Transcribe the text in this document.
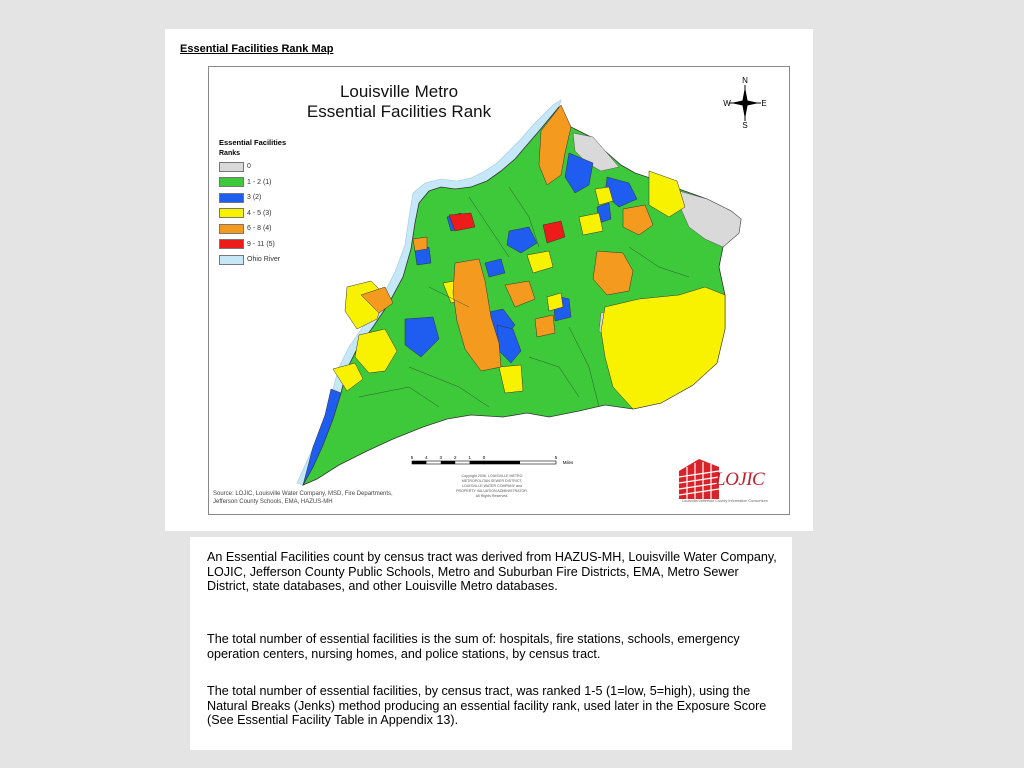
Essential Facilities Rank Map
Louisville Metro
Essential Facilities Rank
N
S
W	E
Essential Facilities
Ranks
0
1 - 2 (1)
3 (2)
4 - 5 (3)
6 - 8 (4)
9 - 11 (5)
Ohio River
5	4	3	2	1	0	5
Miles
Copyright 2006, LOUISVILLE METRO
METROPOLITAN SEWER DISTRICT,
LOUISVILLE WATER COMPANY and
PROPERTY VALUATION ADMINISTRATOR.
All Rights Reserved.
Source: LOJIC, Louisville Water Company, MSD, Fire Departments,
Jefferson County Schools, EMA, HAZUS-MH
LOJIC
Louisville/Jefferson County Information Consortium

An Essential Facilities count by census tract was derived from HAZUS-MH, Louisville Water Company, LOJIC, Jefferson County Public Schools, Metro and Suburban Fire Districts, EMA, Metro Sewer District, state databases, and other Louisville Metro databases.

The total number of essential facilities is the sum of: hospitals, fire stations, schools, emergency operation centers, nursing homes, and police stations, by census tract.

The total number of essential facilities, by census tract, was ranked 1-5 (1=low, 5=high), using the Natural Breaks (Jenks) method producing an essential facility rank, used later in the Exposure Score (See Essential Facility Table in Appendix 13).
